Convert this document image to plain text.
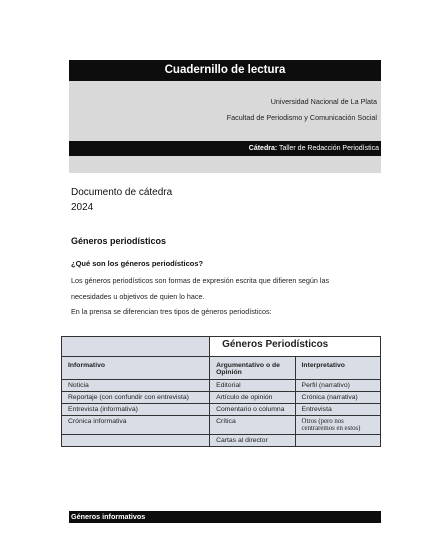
Cuadernillo de lectura
Universidad Nacional de La Plata
Facultad de Periodismo y Comunicación Social
Cátedra: Taller de Redacción Periodística
Documento de cátedra
2024
Géneros periodísticos
¿Qué son los géneros periodísticos?
Los géneros periodísticos son formas de expresión escrita que difieren según las
necesidades u objetivos de quien lo hace.
En la prensa se diferencian tres tipos de géneros periodísticos:
	Géneros Periodísticos	
Informativo	Argumentativo o de Opinión	Interpretativo
Noticia	Editorial	Perfil (narrativo)
Reportaje (con confundir con entrevista)	Artículo de opinión	Crónica (narrativa)
Entrevista (informativa)	Comentario o columna	Entrevista
Crónica informativa	Crítica	Otros (pero nos centraremos en estos)
	Cartas al director	
Géneros informativos
